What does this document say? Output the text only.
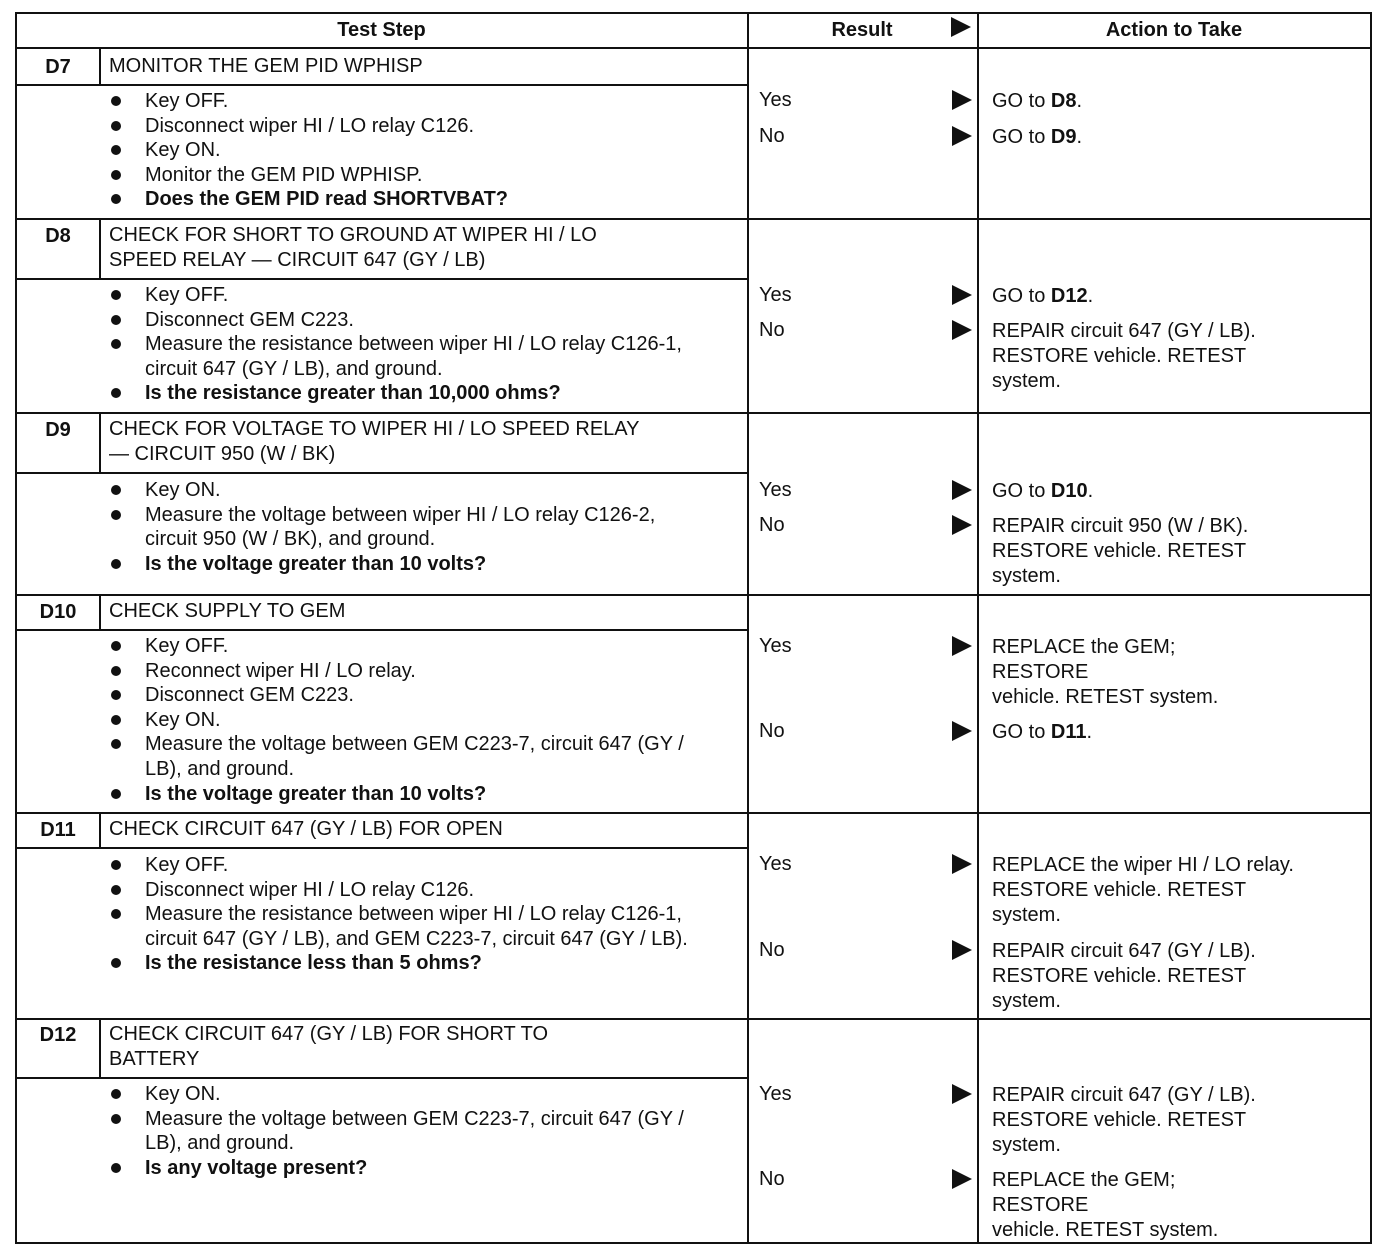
Test Step	Result	Action to Take
D7	MONITOR THE GEM PID WPHISP
Key OFF.
Disconnect wiper HI / LO relay C126.
Key ON.
Monitor the GEM PID WPHISP.
Does the GEM PID read SHORTVBAT?
Yes	GO to D8.
No	GO to D9.
D8	CHECK FOR SHORT TO GROUND AT WIPER HI / LO
SPEED RELAY — CIRCUIT 647 (GY / LB)
Key OFF.
Disconnect GEM C223.
Measure the resistance between wiper HI / LO relay C126-1, circuit 647 (GY / LB), and ground.
Is the resistance greater than 10,000 ohms?
Yes	GO to D12.
No	REPAIR circuit 647 (GY / LB).
RESTORE vehicle. RETEST
system.
D9	CHECK FOR VOLTAGE TO WIPER HI / LO SPEED RELAY
— CIRCUIT 950 (W / BK)
Key ON.
Measure the voltage between wiper HI / LO relay C126-2, circuit 950 (W / BK), and ground.
Is the voltage greater than 10 volts?
Yes	GO to D10.
No	REPAIR circuit 950 (W / BK).
RESTORE vehicle. RETEST
system.
D10	CHECK SUPPLY TO GEM
Key OFF.
Reconnect wiper HI / LO relay.
Disconnect GEM C223.
Key ON.
Measure the voltage between GEM C223-7, circuit 647 (GY / LB), and ground.
Is the voltage greater than 10 volts?
Yes	REPLACE the GEM;
RESTORE
vehicle. RETEST system.
No	GO to D11.
D11	CHECK CIRCUIT 647 (GY / LB) FOR OPEN
Key OFF.
Disconnect wiper HI / LO relay C126.
Measure the resistance between wiper HI / LO relay C126-1, circuit 647 (GY / LB), and GEM C223-7, circuit 647 (GY / LB).
Is the resistance less than 5 ohms?
Yes	REPLACE the wiper HI / LO relay.
RESTORE vehicle. RETEST
system.
No	REPAIR circuit 647 (GY / LB).
RESTORE vehicle. RETEST
system.
D12	CHECK CIRCUIT 647 (GY / LB) FOR SHORT TO
BATTERY
Key ON.
Measure the voltage between GEM C223-7, circuit 647 (GY / LB), and ground.
Is any voltage present?
Yes	REPAIR circuit 647 (GY / LB).
RESTORE vehicle. RETEST
system.
No	REPLACE the GEM;
RESTORE
vehicle. RETEST system.
